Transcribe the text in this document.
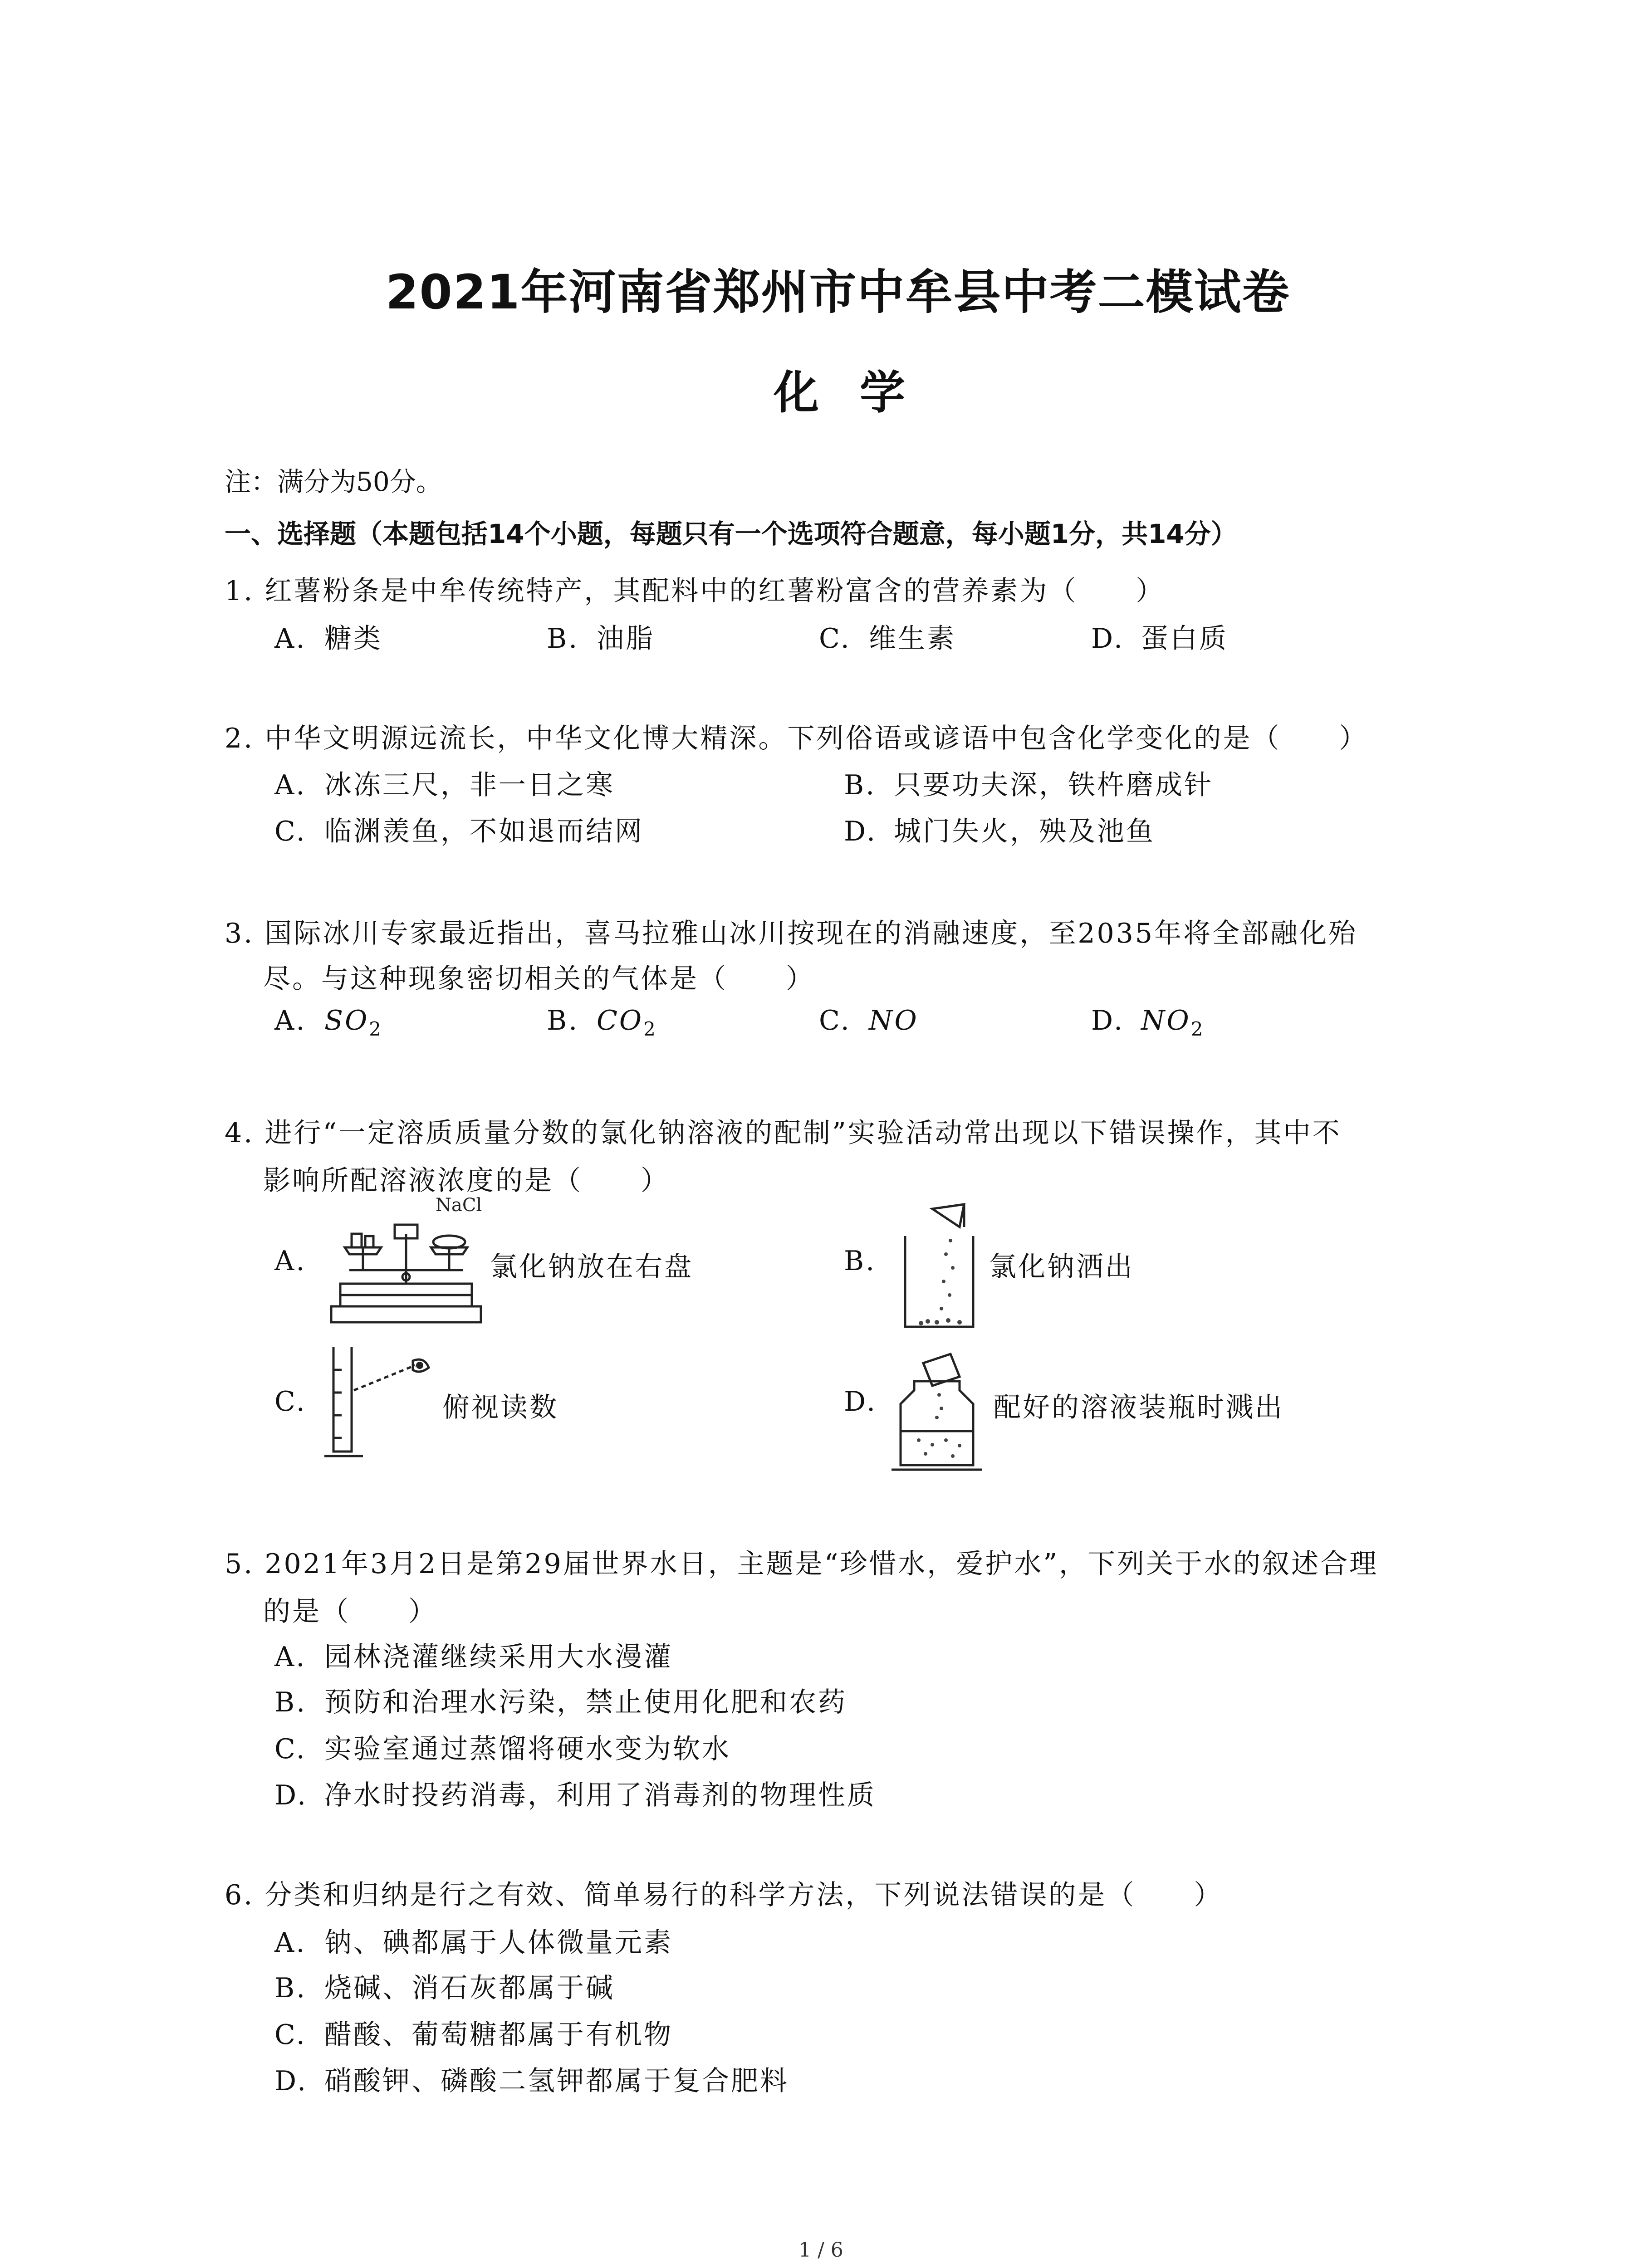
2021年河南省郑州市中牟县中考二模试卷
化学
注：满分为50分。
一、选择题（本题包括14个小题，每题只有一个选项符合题意，每小题1分，共14分）
1. 红薯粉条是中牟传统特产，其配料中的红薯粉富含的营养素为（　　）
A. 糖类	B. 油脂	C. 维生素	D. 蛋白质
2. 中华文明源远流长，中华文化博大精深。下列俗语或谚语中包含化学变化的是（　　）
A. 冰冻三尺，非一日之寒	B. 只要功夫深，铁杵磨成针
C. 临渊羡鱼，不如退而结网	D. 城门失火，殃及池鱼
3. 国际冰川专家最近指出，喜马拉雅山冰川按现在的消融速度，至2035年将全部融化殆
尽。与这种现象密切相关的气体是（　　）
A. $SO_2$	B. $CO_2$	C. NO	D. $NO_2$
4. 进行“一定溶质质量分数的氯化钠溶液的配制”实验活动常出现以下错误操作，其中不
影响所配溶液浓度的是（　　）
A.
NaCl
氯化钠放在右盘	B.	氯化钠洒出
C.	俯视读数	D.	配好的溶液装瓶时溅出
5. 2021年3月2日是第29届世界水日，主题是“珍惜水，爱护水”，下列关于水的叙述合理
的是（　　）
A. 园林浇灌继续采用大水漫灌
B. 预防和治理水污染，禁止使用化肥和农药
C. 实验室通过蒸馏将硬水变为软水
D. 净水时投药消毒，利用了消毒剂的物理性质
6. 分类和归纳是行之有效、简单易行的科学方法，下列说法错误的是（　　）
A. 钠、碘都属于人体微量元素
B. 烧碱、消石灰都属于碱
C. 醋酸、葡萄糖都属于有机物
D. 硝酸钾、磷酸二氢钾都属于复合肥料
1 / 6
